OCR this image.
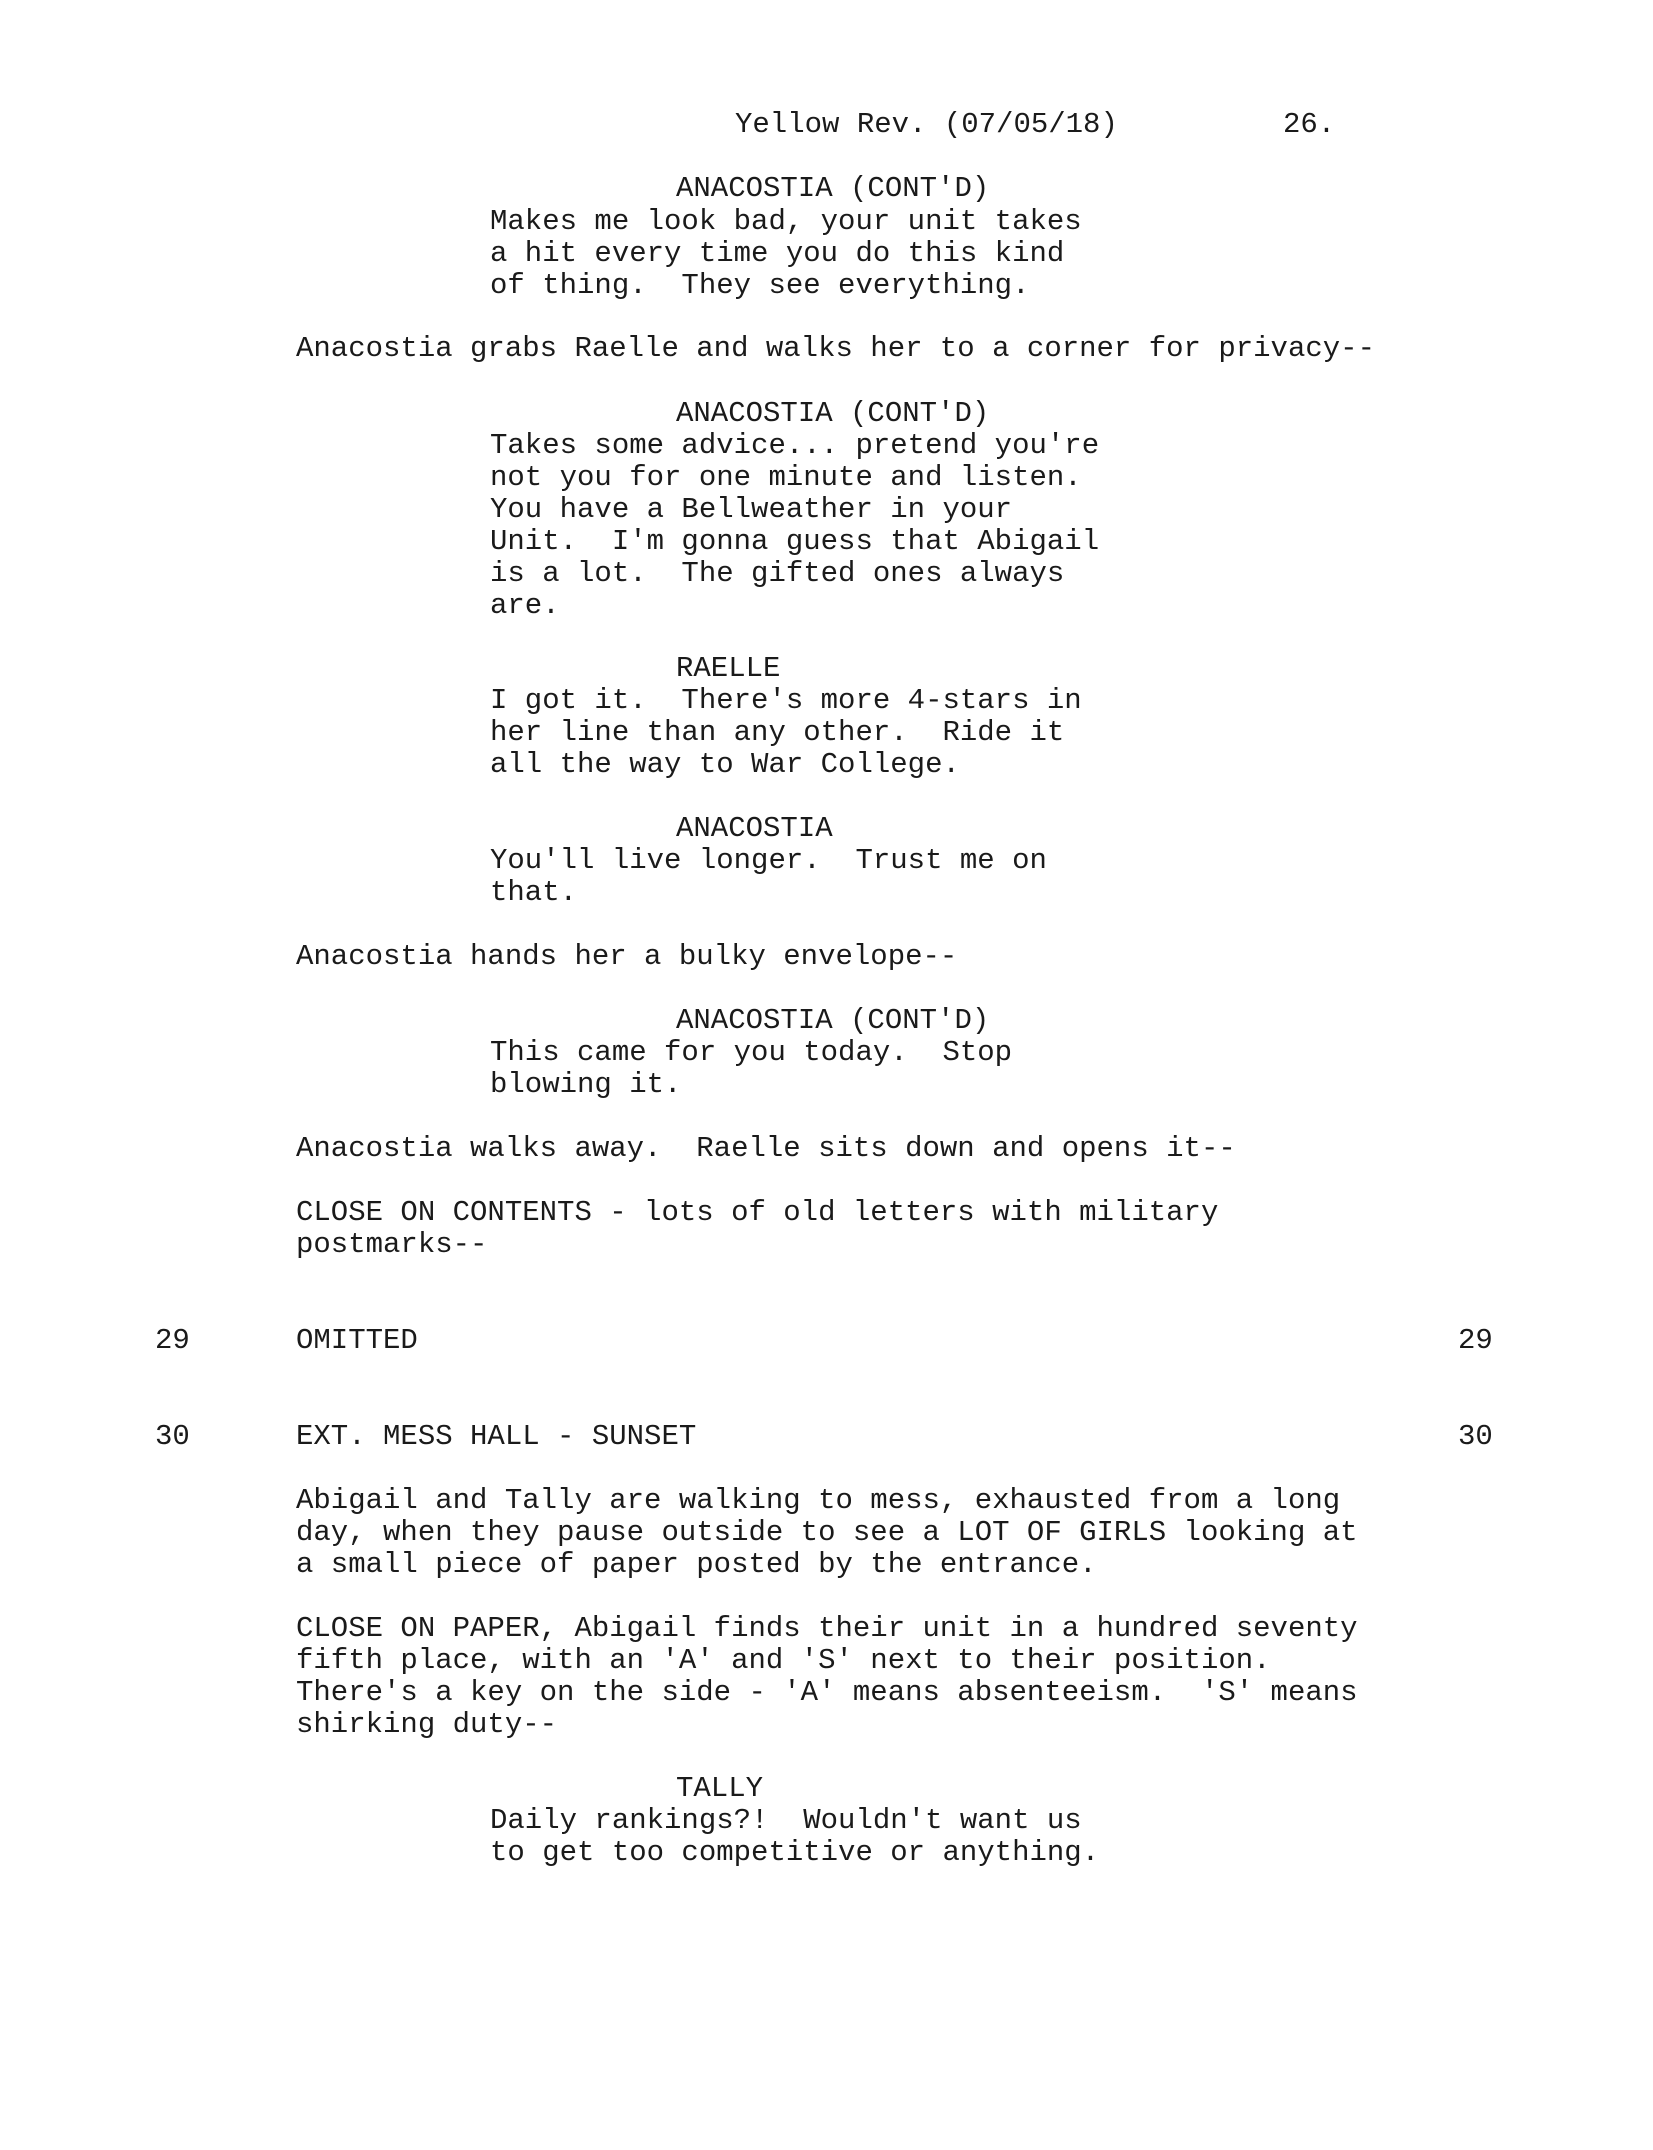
Yellow Rev. (07/05/18)	26.

ANACOSTIA (CONT'D)

Makes me look bad, your unit takes
a hit every time you do this kind
of thing.  They see everything.

Anacostia grabs Raelle and walks her to a corner for privacy--

ANACOSTIA (CONT'D)

Takes some advice... pretend you're
not you for one minute and listen.
You have a Bellweather in your
Unit.  I'm gonna guess that Abigail
is a lot.  The gifted ones always
are.

RAELLE

I got it.  There's more 4-stars in
her line than any other.  Ride it
all the way to War College.

ANACOSTIA

You'll live longer.  Trust me on
that.

Anacostia hands her a bulky envelope--

ANACOSTIA (CONT'D)

This came for you today.  Stop
blowing it.

Anacostia walks away.  Raelle sits down and opens it--

CLOSE ON CONTENTS - lots of old letters with military
postmarks--

29	OMITTED	29

30	EXT. MESS HALL - SUNSET	30

Abigail and Tally are walking to mess, exhausted from a long
day, when they pause outside to see a LOT OF GIRLS looking at
a small piece of paper posted by the entrance.

CLOSE ON PAPER, Abigail finds their unit in a hundred seventy
fifth place, with an 'A' and 'S' next to their position.
There's a key on the side - 'A' means absenteeism.  'S' means
shirking duty--

TALLY

Daily rankings?!  Wouldn't want us
to get too competitive or anything.
